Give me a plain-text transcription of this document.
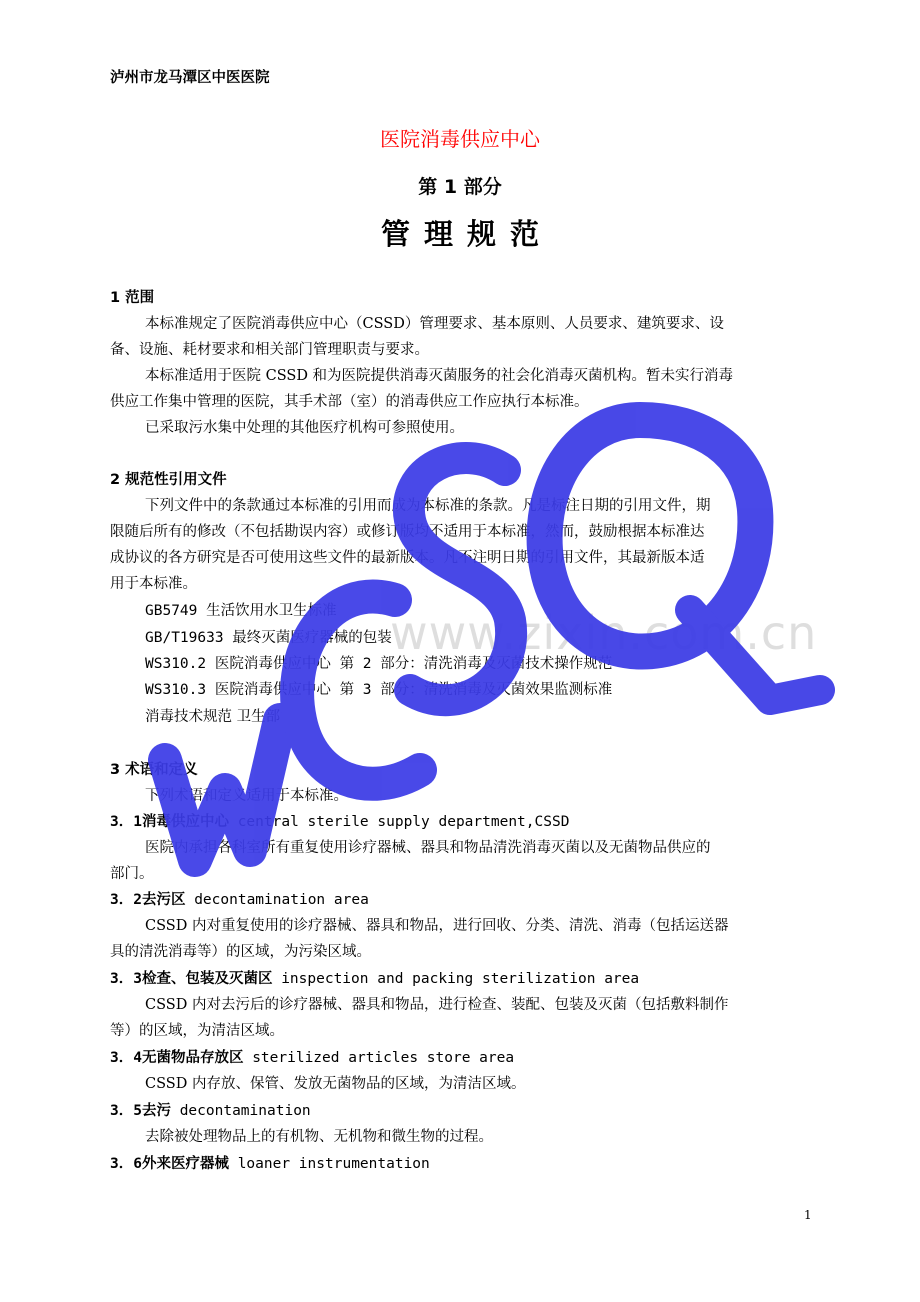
泸州市龙马潭区中医医院
医院消毒供应中心
第 1 部分
管理规范
1 范围
本标准规定了医院消毒供应中心（CSSD）管理要求、基本原则、人员要求、建筑要求、设
备、设施、耗材要求和相关部门管理职责与要求。
本标准适用于医院 CSSD 和为医院提供消毒灭菌服务的社会化消毒灭菌机构。暂未实行消毒
供应工作集中管理的医院，其手术部（室）的消毒供应工作应执行本标准。
已采取污水集中处理的其他医疗机构可参照使用。
2 规范性引用文件
下列文件中的条款通过本标准的引用而成为本标准的条款。凡是标注日期的引用文件，期
限随后所有的修改（不包括勘误内容）或修订版均不适用于本标准，然而，鼓励根据本标准达
成协议的各方研究是否可使用这些文件的最新版本。凡不注明日期的引用文件，其最新版本适
用于本标准。
GB5749 生活饮用水卫生标准
GB/T19633 最终灭菌医疗器械的包装
WS310.2 医院消毒供应中心 第 2 部分：清洗消毒及灭菌技术操作规范
WS310.3 医院消毒供应中心 第 3 部分：清洗消毒及灭菌效果监测标准
消毒技术规范 卫生部
3 术语和定义
下列术语和定义适用于本标准。
3．1消毒供应中心 central sterile supply department,CSSD
医院内承担各科室所有重复使用诊疗器械、器具和物品清洗消毒灭菌以及无菌物品供应的
部门。
3．2去污区 decontamination area
CSSD 内对重复使用的诊疗器械、器具和物品，进行回收、分类、清洗、消毒（包括运送器
具的清洗消毒等）的区域，为污染区域。
3．3检查、包装及灭菌区 inspection and packing sterilization area
CSSD 内对去污后的诊疗器械、器具和物品，进行检查、装配、包装及灭菌（包括敷料制作
等）的区域，为清洁区域。
3．4无菌物品存放区 sterilized articles store area
CSSD 内存放、保管、发放无菌物品的区域，为清洁区域。
3．5去污 decontamination
去除被处理物品上的有机物、无机物和微生物的过程。
3．6外来医疗器械 loaner instrumentation
1
www.zixin.com.cn
